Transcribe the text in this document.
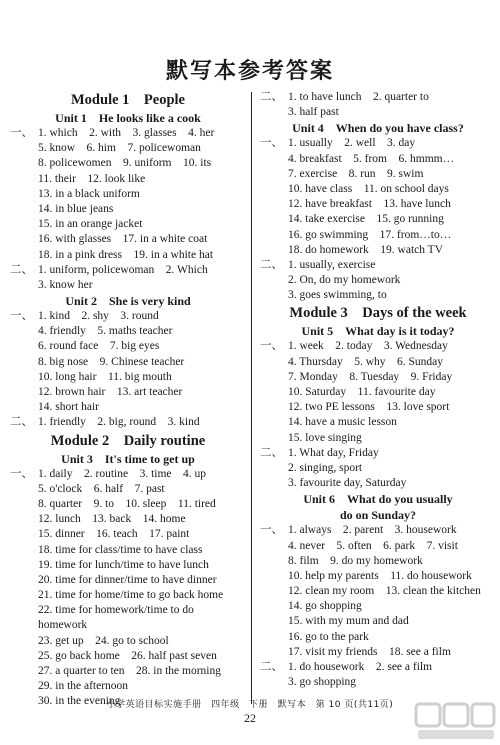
默写本参考答案
Module 1　People
Unit 1　He looks like a cook
一、 1. which　2. with　3. glasses　4. her
5. know　6. him　7. policewoman
8. policewomen　9. uniform　10. its
11. their　12. look like
13. in a black uniform
14. in blue jeans
15. in an orange jacket
16. with glasses　17. in a white coat
18. in a pink dress　19. in a white hat
二、 1. uniform, policewoman　2. Which
3. know her
Unit 2　She is very kind
一、 1. kind　2. shy　3. round
4. friendly　5. maths teacher
6. round face　7. big eyes
8. big nose　9. Chinese teacher
10. long hair　11. big mouth
12. brown hair　13. art teacher
14. short hair
二、 1. friendly　2. big, round　3. kind
Module 2　Daily routine
Unit 3　It's time to get up
一、 1. daily　2. routine　3. time　4. up
5. o'clock　6. half　7. past
8. quarter　9. to　10. sleep　11. tired
12. lunch　13. back　14. home
15. dinner　16. teach　17. paint
18. time for class/time to have class
19. time for lunch/time to have lunch
20. time for dinner/time to have dinner
21. time for home/time to go back home
22. time for homework/time to do
homework
23. get up　24. go to school
25. go back home　26. half past seven
27. a quarter to ten　28. in the morning
29. in the afternoon
30. in the evening
二、 1. to have lunch　2. quarter to
3. half past
Unit 4　When do you have class?
一、 1. usually　2. well　3. day
4. breakfast　5. from　6. hmmm…
7. exercise　8. run　9. swim
10. have class　11. on school days
12. have breakfast　13. have lunch
14. take exercise　15. go running
16. go swimming　17. from…to…
18. do homework　19. watch TV
二、 1. usually, exercise
2. On, do my homework
3. goes swimming, to
Module 3　Days of the week
Unit 5　What day is it today?
一、 1. week　2. today　3. Wednesday
4. Thursday　5. why　6. Sunday
7. Monday　8. Tuesday　9. Friday
10. Saturday　11. favourite day
12. two PE lessons　13. love sport
14. have a music lesson
15. love singing
二、 1. What day, Friday
2. singing, sport
3. favourite day, Saturday
Unit 6　What do you usually
do on Sunday?
一、 1. always　2. parent　3. housework
4. never　5. often　6. park　7. visit
8. film　9. do my homework
10. help my parents　11. do housework
12. clean my room　13. clean the kitchen
14. go shopping
15. with my mum and dad
16. go to the park
17. visit my friends　18. see a film
二、 1. do housework　2. see a film
3. go shopping
小学英语目标实施手册　四年级　下册　默写本　第 10 页(共11页)
22
